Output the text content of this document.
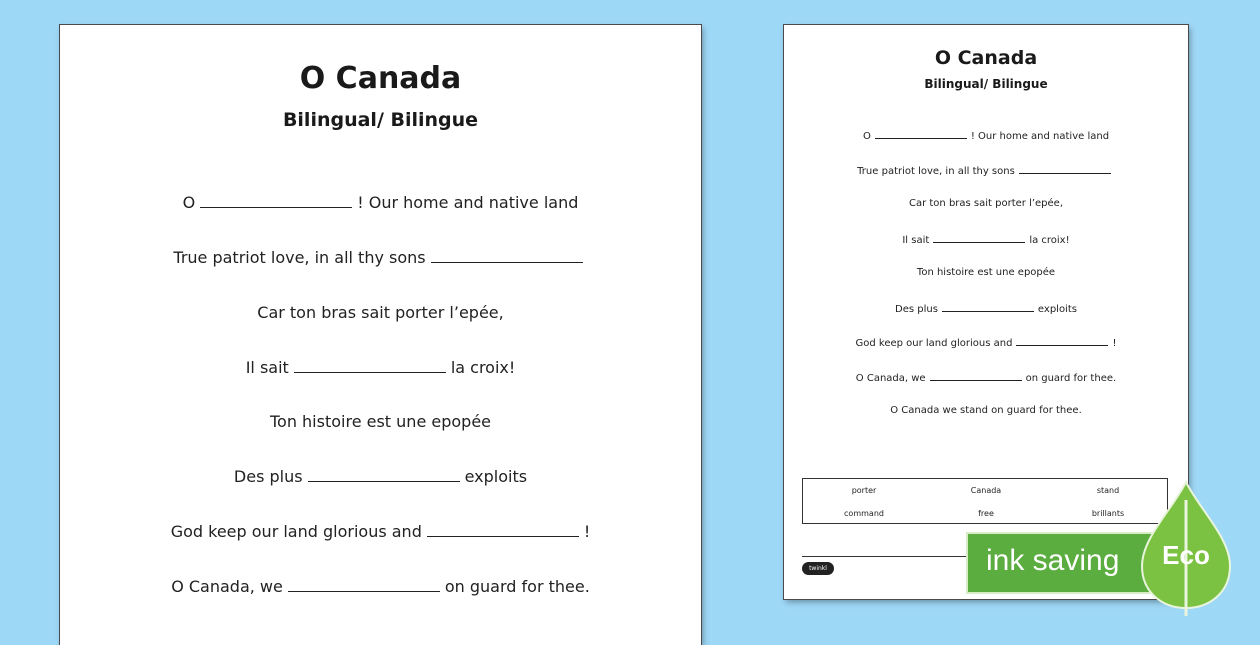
O Canada
Bilingual/ Bilingue
O	! Our home and native land
True patriot love, in all thy sons
Car ton bras sait porter l’epée,
Il sait	la croix!
Ton histoire est une epopée
Des plus	exploits
God keep our land glorious and	!
O Canada, we	on guard for thee.
O Canada
Bilingual/ Bilingue
O	! Our home and native land
True patriot love, in all thy sons
Car ton bras sait porter l’epée,
Il sait	la croix!
Ton histoire est une epopée
Des plus	exploits
God keep our land glorious and	!
O Canada, we	on guard for thee.
O Canada we stand on guard for thee.
porter	Canada	stand
command	free	brillants
twinkl	ink saving Eco
